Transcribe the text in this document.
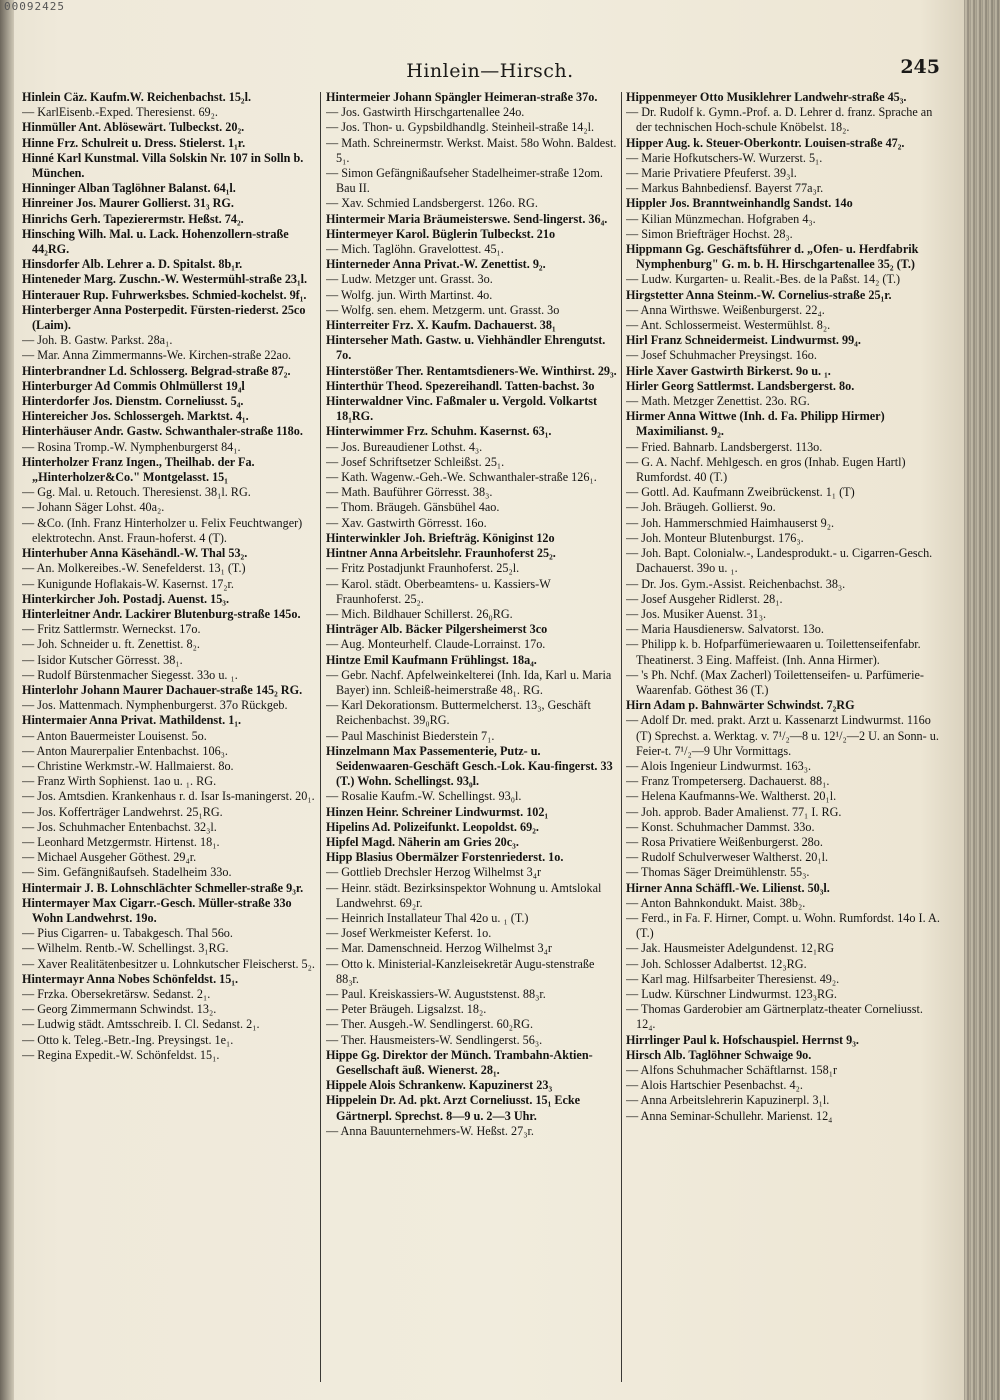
00092425
Hinlein—Hirsch.	245

Hinlein Cäz. Kaufm.W. Reichenbachst. 15₂l.

— KarlEisenb.-Exped. Theresienst. 69₂.

Hinmüller Ant. Ablösewärt. Tulbeckst. 20₂.

Hinne Frz. Schulreit u. Dress. Stielerst. 1₁r.

Hinné Karl Kunstmal. Villa Solskin Nr. 107 in Solln b. München.

Hinninger Alban Taglöhner Balanst. 64₁l.

Hinreiner Jos. Maurer Gollierst. 31₃ RG.

Hinrichs Gerh. Tapezierermstr. Heßst. 74₂.

Hinsching Wilh. Mal. u. Lack. Hohenzollern-straße 44₂RG.

Hinsdorfer Alb. Lehrer a. D. Spitalst. 8b₁r.

Hinteneder Marg. Zuschn.-W. Westermühl-straße 23₁l.

Hinterauer Rup. Fuhrwerksbes. Schmied-kochelst. 9f₁.

Hinterberger Anna Posterpedit. Fürsten-riederst. 25co (Laim).

— Joh. B. Gastw. Parkst. 28a₁.

— Mar. Anna Zimmermanns-We. Kirchen-straße 22ao.

Hinterbrandner Ld. Schlosserg. Belgrad-straße 87₂.

Hinterburger Ad Commis Ohlmüllerst 19₄l

Hinterdorfer Jos. Dienstm. Corneliusst. 5₄.

Hintereicher Jos. Schlossergeh. Marktst. 4₁.

Hinterhäuser Andr. Gastw. Schwanthaler-straße 118o.

— Rosina Tromp.-W. Nymphenburgerst 84₁.

Hinterholzer Franz Ingen., Theilhab. der Fa. „Hinterholzer&Co." Montgelasst. 15₁

— Gg. Mal. u. Retouch. Theresienst. 38₁l. RG.

— Johann Säger Lohst. 40a₂.

— &Co. (Inh. Franz Hinterholzer u. Felix Feuchtwanger) elektrotechn. Anst. Fraun-hoferst. 4 (T).

Hinterhuber Anna Käsehändl.-W. Thal 53₂.

— An. Molkereibes.-W. Senefelderst. 13₁ (T.)

— Kunigunde Hoflakais-W. Kasernst. 17₂r.

Hinterkircher Joh. Postadj. Auenst. 15₃.

Hinterleitner Andr. Lackirer Blutenburg-straße 145o.

— Fritz Sattlermstr. Werneckst. 17o.

— Joh. Schneider u. ft. Zenettist. 8₂.

— Isidor Kutscher Görresst. 38₁.

— Rudolf Bürstenmacher Siegesst. 33o u. ₁.

Hinterlohr Johann Maurer Dachauer-straße 145₂ RG.

— Jos. Mattenmach. Nymphenburgerst. 37o Rückgeb.

Hintermaier Anna Privat. Mathildenst. 1₁.

— Anton Bauermeister Louisenst. 5o.

— Anton Maurerpalier Entenbachst. 106₃.

— Christine Werkmstr.-W. Hallmaierst. 8o.

— Franz Wirth Sophienst. 1ao u. ₁. RG.

— Jos. Amtsdien. Krankenhaus r. d. Isar Is-maningerst. 20₁.

— Jos. Kofferträger Landwehrst. 25₁RG.

— Jos. Schuhmacher Entenbachst. 32₃l.

— Leonhard Metzgermstr. Hirtenst. 18₁.

— Michael Ausgeher Göthest. 29₄r.

— Sim. Gefängnißaufseh. Stadelheim 33o.

Hintermair J. B. Lohnschlächter Schmeller-straße 9₃r.

Hintermayer Max Cigarr.-Gesch. Müller-straße 33o Wohn Landwehrst. 19o.

— Pius Cigarren- u. Tabakgesch. Thal 56o.

— Wilhelm. Rentb.-W. Schellingst. 3₁RG.

— Xaver Realitätenbesitzer u. Lohnkutscher Fleischerst. 5₂.

Hintermayr Anna Nobes Schönfeldst. 15₁.

— Frzka. Obersekretärsw. Sedanst. 2₁.

— Georg Zimmermann Schwindst. 13₂.

— Ludwig städt. Amtsschreib. I. Cl. Sedanst. 2₁.

— Otto k. Teleg.-Betr.-Ing. Preysingst. 1e₁.

— Regina Expedit.-W. Schönfeldst. 15₁.

Hintermeier Johann Spängler Heimeran-straße 37o.

— Jos. Gastwirth Hirschgartenallee 24o.

— Jos. Thon- u. Gypsbildhandlg. Steinheil-straße 14₂l.

— Math. Schreinermstr. Werkst. Maist. 58o Wohn. Baldest. 5₁.

— Simon Gefängnißaufseher Stadelheimer-straße 12om. Bau II.

— Xav. Schmied Landsbergerst. 126o. RG.

Hintermeir Maria Bräumeisterswe. Send-lingerst. 36₄.

Hintermeyer Karol. Büglerin Tulbeckst. 21o

— Mich. Taglöhn. Gravelottest. 45₁.

Hinterneder Anna Privat.-W. Zenettist. 9₂.

— Ludw. Metzger unt. Grasst. 3o.

— Wolfg. jun. Wirth Martinst. 4o.

— Wolfg. sen. ehem. Metzgerm. unt. Grasst. 3o

Hinterreiter Frz. X. Kaufm. Dachauerst. 38₁

Hinterseher Math. Gastw. u. Viehhändler Ehrengutst. 7o.

Hinterstößer Ther. Rentamtsdieners-We. Winthirst. 29₃.

Hinterthür Theod. Spezereihandl. Tatten-bachst. 3o

Hinterwaldner Vinc. Faßmaler u. Vergold. Volkartst 18₁RG.

Hinterwimmer Frz. Schuhm. Kasernst. 63₁.

— Jos. Bureaudiener Lothst. 4₃.

— Josef Schriftsetzer Schleißst. 25₁.

— Kath. Wagenw.-Geh.-We. Schwanthaler-straße 126₁.

— Math. Bauführer Görresst. 38₃.

— Thom. Bräugeh. Gänsbühel 4ao.

— Xav. Gastwirth Görresst. 16o.

Hinterwinkler Joh. Briefträg. Königinst 12o

Hintner Anna Arbeitslehr. Fraunhoferst 25₂.

— Fritz Postadjunkt Fraunhoferst. 25₂l.

— Karol. städt. Oberbeamtens- u. Kassiers-W Fraunhoferst. 25₂.

— Mich. Bildhauer Schillerst. 26₀RG.

Hinträger Alb. Bäcker Pilgersheimerst 3co

— Aug. Monteurhelf. Claude-Lorrainst. 17o.

Hintze Emil Kaufmann Frühlingst. 18a₄.

— Gebr. Nachf. Apfelweinkelterei (Inh. Ida, Karl u. Maria Bayer) inn. Schleiß-heimerstraße 48₁. RG.

— Karl Dekorationsm. Buttermelcherst. 13₃, Geschäft Reichenbachst. 39₀RG.

— Paul Maschinist Biederstein 7₁.

Hinzelmann Max Passementerie, Putz- u. Seidenwaaren-Geschäft Gesch.-Lok. Kau-fingerst. 33 (T.) Wohn. Schellingst. 93₀l.

— Rosalie Kaufm.-W. Schellingst. 93₀l.

Hinzen Heinr. Schreiner Lindwurmst. 102₁

Hipelins Ad. Polizeifunkt. Leopoldst. 69₂.

Hipfel Magd. Näherin am Gries 20c₃.

Hipp Blasius Obermälzer Forstenriederst. 1o.

— Gottlieb Drechsler Herzog Wilhelmst 3₄r

— Heinr. städt. Bezirksinspektor Wohnung u. Amtslokal Landwehrst. 69₂r.

— Heinrich Installateur Thal 42o u. ₁ (T.)

— Josef Werkmeister Keferst. 1o.

— Mar. Damenschneid. Herzog Wilhelmst 3₄r

— Otto k. Ministerial-Kanzleisekretär Augu-stenstraße 88₃r.

— Paul. Kreiskassiers-W. Auguststenst. 88₃r.

— Peter Bräugeh. Ligsalzst. 18₂.

— Ther. Ausgeh.-W. Sendlingerst. 60₂RG.

— Ther. Hausmeisters-W. Sendlingerst. 56₃.

Hippe Gg. Direktor der Münch. Trambahn-Aktien-Gesellschaft äuß. Wienerst. 28₁.

Hippele Alois Schrankenw. Kapuzinerst 23₃

Hippelein Dr. Ad. pkt. Arzt Corneliusst. 15₁ Ecke Gärtnerpl. Sprechst. 8—9 u. 2—3 Uhr.

— Anna Bauunternehmers-W. Heßst. 27₃r.

Hippenmeyer Otto Musiklehrer Landwehr-straße 45₃.

— Dr. Rudolf k. Gymn.-Prof. a. D. Lehrer d. franz. Sprache an der technischen Hoch-schule Knöbelst. 18₂.

Hipper Aug. k. Steuer-Oberkontr. Louisen-straße 47₂.

— Marie Hofkutschers-W. Wurzerst. 5₁.

— Marie Privatiere Pfeuferst. 39₃l.

— Markus Bahnbediensf. Bayerst 77a₃r.

Hippler Jos. Branntweinhandlg Sandst. 14o

— Kilian Münzmechan. Hofgraben 4₃.

— Simon Briefträger Hochst. 28₃.

Hippmann Gg. Geschäftsführer d. „Ofen- u. Herdfabrik Nymphenburg" G. m. b. H. Hirschgartenallee 35₂ (T.)

— Ludw. Kurgarten- u. Realit.-Bes. de la Paßst. 14₂ (T.)

Hirgstetter Anna Steinm.-W. Cornelius-straße 25₁r.

— Anna Wirthswe. Weißenburgerst. 22₄.

— Ant. Schlossermeist. Westermühlst. 8₂.

Hirl Franz Schneidermeist. Lindwurmst. 99₄.

— Josef Schuhmacher Preysingst. 16o.

Hirle Xaver Gastwirth Birkerst. 9o u. ₁.

Hirler Georg Sattlermst. Landsbergerst. 8o.

— Math. Metzger Zenettist. 23o. RG.

Hirmer Anna Wittwe (Inh. d. Fa. Philipp Hirmer) Maximilianst. 9₂.

— Fried. Bahnarb. Landsbergerst. 113o.

— G. A. Nachf. Mehlgesch. en gros (Inhab. Eugen Hartl) Rumfordst. 40 (T.)

— Gottl. Ad. Kaufmann Zweibrückenst. 1₁ (T)

— Joh. Bräugeh. Gollierst. 9o.

— Joh. Hammerschmied Haimhauserst 9₂.

— Joh. Monteur Blutenburgst. 176₃.

— Joh. Bapt. Colonialw.-, Landesprodukt.- u. Cigarren-Gesch. Dachauerst. 39o u. ₁.

— Dr. Jos. Gym.-Assist. Reichenbachst. 38₃.

— Josef Ausgeher Ridlerst. 28₁.

— Jos. Musiker Auenst. 31₃.

— Maria Hausdienersw. Salvatorst. 13o.

— Philipp k. b. Hofparfümeriewaaren u. Toilettenseifenfabr. Theatinerst. 3 Eing. Maffeist. (Inh. Anna Hirmer).

— 's Ph. Nchf. (Max Zacherl) Toilettenseifen- u. Parfümerie-Waarenfab. Göthest 36 (T.)

Hirn Adam p. Bahnwärter Schwindst. 7₂RG

— Adolf Dr. med. prakt. Arzt u. Kassenarzt Lindwurmst. 116o (T) Sprechst. a. Werktag. v. 7¹/₂—8 u. 12¹/₂—2 U. an Sonn- u. Feier-t. 7¹/₂—9 Uhr Vormittags.

— Alois Ingenieur Lindwurmst. 163₃.

— Franz Trompeterserg. Dachauerst. 88₁.

— Helena Kaufmanns-We. Waltherst. 20₁l.

— Joh. approb. Bader Amalienst. 77₁ I. RG.

— Konst. Schuhmacher Dammst. 33o.

— Rosa Privatiere Weißenburgerst. 28o.

— Rudolf Schulverweser Waltherst. 20₁l.

— Thomas Säger Dreimühlenstr. 55₃.

Hirner Anna Schäffl.-We. Lilienst. 50₃l.

— Anton Bahnkondukt. Maist. 38b₂.

— Ferd., in Fa. F. Hirner, Compt. u. Wohn. Rumfordst. 14o I. A. (T.)

— Jak. Hausmeister Adelgundenst. 12₁RG

— Joh. Schlosser Adalbertst. 12₃RG.

— Karl mag. Hilfsarbeiter Theresienst. 49₂.

— Ludw. Kürschner Lindwurmst. 123₃RG.

— Thomas Garderobier am Gärtnerplatz-theater Corneliusst. 12₄.

Hirrlinger Paul k. Hofschauspiel. Herrnst 9₃.

Hirsch Alb. Taglöhner Schwaige 9o.

— Alfons Schuhmacher Schäftlarnst. 158₁r

— Alois Hartschier Pesenbachst. 4₂.

— Anna Arbeitslehrerin Kapuzinerpl. 3₁l.

— Anna Seminar-Schullehr. Marienst. 12₄
